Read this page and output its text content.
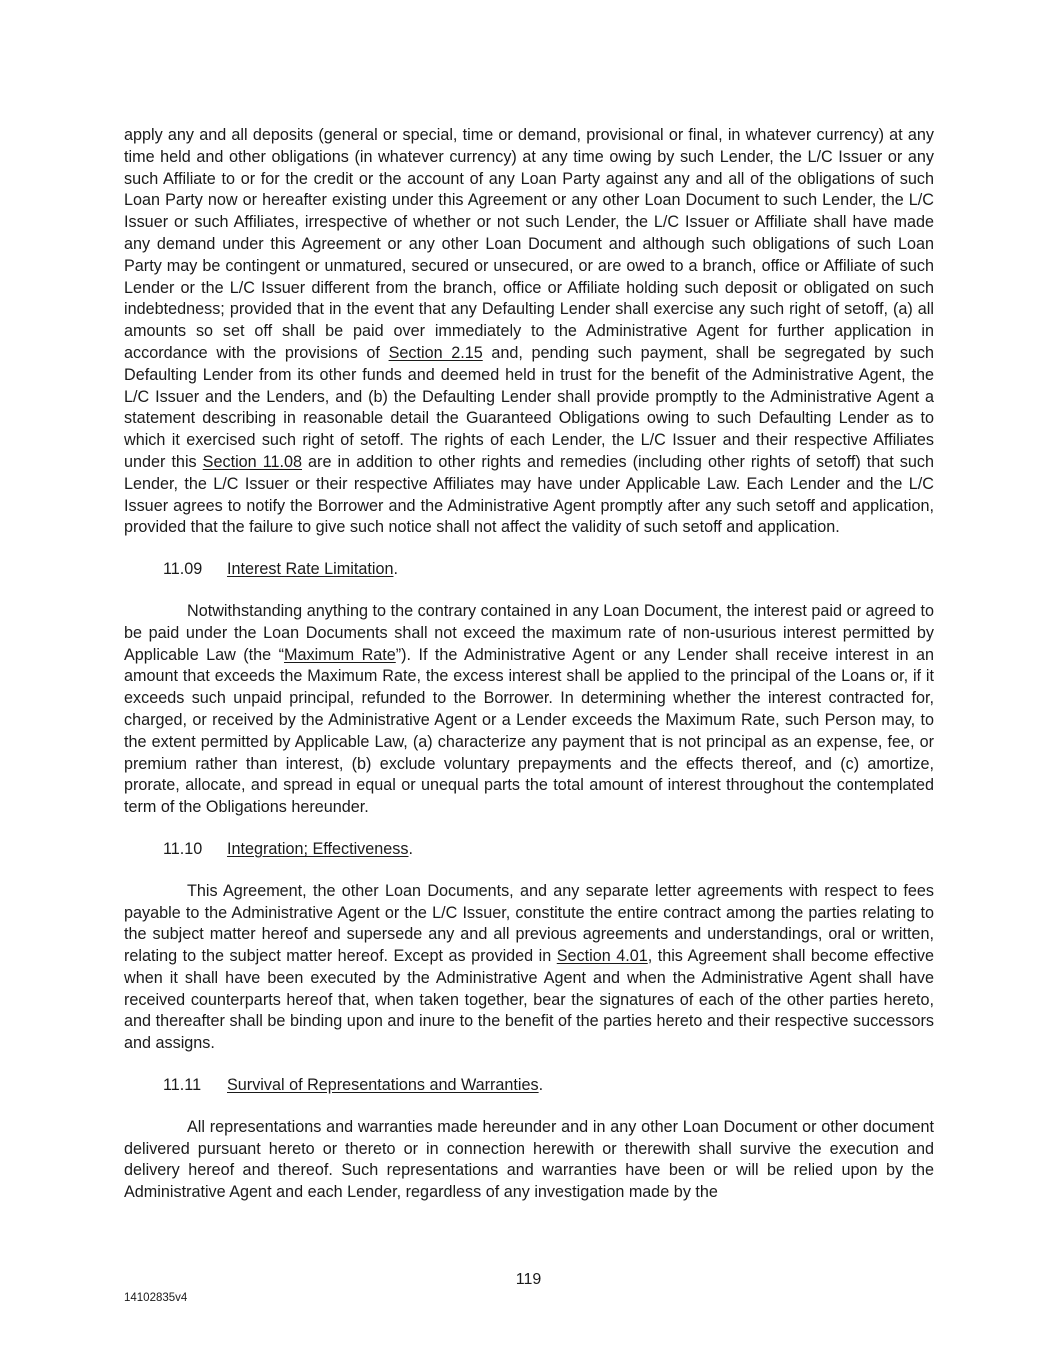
apply any and all deposits (general or special, time or demand, provisional or final, in whatever currency) at any time held and other obligations (in whatever currency) at any time owing by such Lender, the L/C Issuer or any such Affiliate to or for the credit or the account of any Loan Party against any and all of the obligations of such Loan Party now or hereafter existing under this Agreement or any other Loan Document to such Lender, the L/C Issuer or such Affiliates, irrespective of whether or not such Lender, the L/C Issuer or Affiliate shall have made any demand under this Agreement or any other Loan Document and although such obligations of such Loan Party may be contingent or unmatured, secured or unsecured, or are owed to a branch, office or Affiliate of such Lender or the L/C Issuer different from the branch, office or Affiliate holding such deposit or obligated on such indebtedness; provided that in the event that any Defaulting Lender shall exercise any such right of setoff, (a) all amounts so set off shall be paid over immediately to the Administrative Agent for further application in accordance with the provisions of Section 2.15 and, pending such payment, shall be segregated by such Defaulting Lender from its other funds and deemed held in trust for the benefit of the Administrative Agent, the L/C Issuer and the Lenders, and (b) the Defaulting Lender shall provide promptly to the Administrative Agent a statement describing in reasonable detail the Guaranteed Obligations owing to such Defaulting Lender as to which it exercised such right of setoff. The rights of each Lender, the L/C Issuer and their respective Affiliates under this Section 11.08 are in addition to other rights and remedies (including other rights of setoff) that such Lender, the L/C Issuer or their respective Affiliates may have under Applicable Law. Each Lender and the L/C Issuer agrees to notify the Borrower and the Administrative Agent promptly after any such setoff and application, provided that the failure to give such notice shall not affect the validity of such setoff and application.

11.09 Interest Rate Limitation.

Notwithstanding anything to the contrary contained in any Loan Document, the interest paid or agreed to be paid under the Loan Documents shall not exceed the maximum rate of non-usurious interest permitted by Applicable Law (the “Maximum Rate”). If the Administrative Agent or any Lender shall receive interest in an amount that exceeds the Maximum Rate, the excess interest shall be applied to the principal of the Loans or, if it exceeds such unpaid principal, refunded to the Borrower. In determining whether the interest contracted for, charged, or received by the Administrative Agent or a Lender exceeds the Maximum Rate, such Person may, to the extent permitted by Applicable Law, (a) characterize any payment that is not principal as an expense, fee, or premium rather than interest, (b) exclude voluntary prepayments and the effects thereof, and (c) amortize, prorate, allocate, and spread in equal or unequal parts the total amount of interest throughout the contemplated term of the Obligations hereunder.

11.10 Integration; Effectiveness.

This Agreement, the other Loan Documents, and any separate letter agreements with respect to fees payable to the Administrative Agent or the L/C Issuer, constitute the entire contract among the parties relating to the subject matter hereof and supersede any and all previous agreements and understandings, oral or written, relating to the subject matter hereof. Except as provided in Section 4.01, this Agreement shall become effective when it shall have been executed by the Administrative Agent and when the Administrative Agent shall have received counterparts hereof that, when taken together, bear the signatures of each of the other parties hereto, and thereafter shall be binding upon and inure to the benefit of the parties hereto and their respective successors and assigns.

11.11 Survival of Representations and Warranties.

All representations and warranties made hereunder and in any other Loan Document or other document delivered pursuant hereto or thereto or in connection herewith or therewith shall survive the execution and delivery hereof and thereof. Such representations and warranties have been or will be relied upon by the Administrative Agent and each Lender, regardless of any investigation made by the

119
14102835v4
